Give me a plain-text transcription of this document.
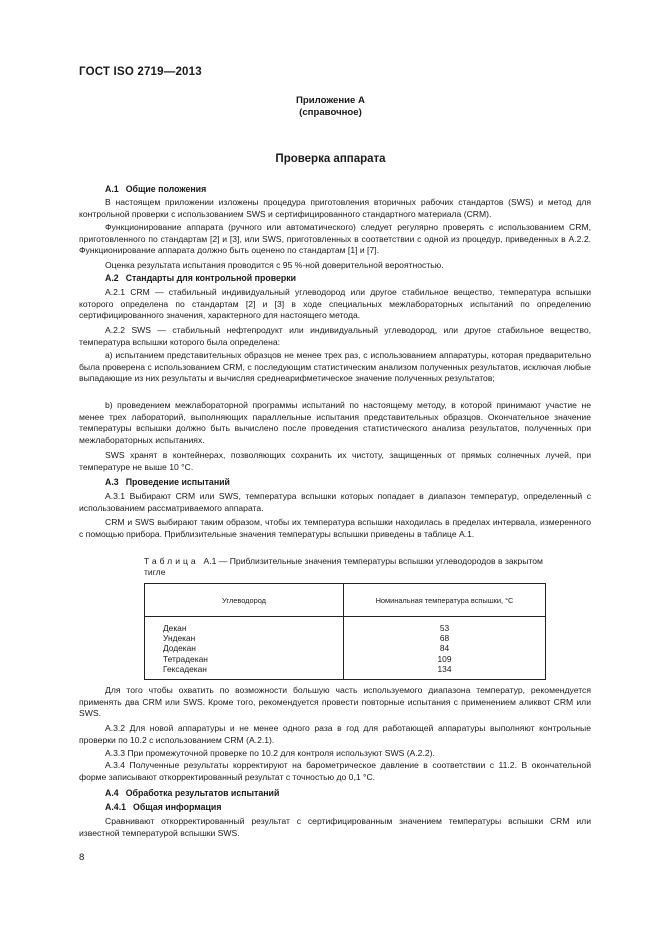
ГОСТ ISO 2719—2013
Приложение А
(справочное)
Проверка аппарата
А.1 Общие положения
В настоящем приложении изложены процедура приготовления вторичных рабочих стандартов (SWS) и метод для контрольной проверки с использованием SWS и сертифицированного стандартного материала (CRM).
Функционирование аппарата (ручного или автоматического) следует регулярно проверять с использованием CRM, приготовленного по стандартам [2] и [3], или SWS, приготовленных в соответствии с одной из процедур, приведенных в А.2.2. Функционирование аппарата должно быть оценено по стандартам [1] и [7].
Оценка результата испытания проводится с 95 %-ной доверительной вероятностью.
А.2 Стандарты для контрольной проверки
А.2.1 CRM — стабильный индивидуальный углеводород или другое стабильное вещество, температура вспышки которого определена по стандартам [2] и [3] в ходе специальных межлабораторных испытаний по определению сертифицированного значения, характерного для настоящего метода.
А.2.2 SWS — стабильный нефтепродукт или индивидуальный углеводород, или другое стабильное вещество, температура вспышки которого была определена:
a) испытанием представительных образцов не менее трех раз, с использованием аппаратуры, которая предварительно была проверена с использованием CRM, с последующим статистическим анализом полученных результатов, исключая любые выпадающие из них результаты и вычисляя среднеарифметическое значение полученных результатов;
b) проведением межлабораторной программы испытаний по настоящему методу, в которой принимают участие не менее трех лабораторий, выполняющих параллельные испытания представительных образцов. Окончательное значение температуры вспышки должно быть вычислено после проведения статистического анализа результатов, полученных при межлабораторных испытаниях.
SWS хранят в контейнерах, позволяющих сохранить их чистоту, защищенных от прямых солнечных лучей, при температуре не выше 10 °С.
А.3 Проведение испытаний
А.3.1 Выбирают CRM или SWS, температура вспышки которых попадает в диапазон температур, определенный с использованием рассматриваемого аппарата.
CRM и SWS выбирают таким образом, чтобы их температура вспышки находилась в пределах интервала, измеренного с помощью прибора. Приблизительные значения температуры вспышки приведены в таблице А.1.
Таблица А.1 — Приблизительные значения температуры вспышки углеводородов в закрытом тигле
Углеводород	Номинальная температура вспышки, °С
Декан	53
Ундекан	68
Додекан	84
Тетрадекан	109
Гексадекан	134
Для того чтобы охватить по возможности большую часть используемого диапазона температур, рекомендуется применять два CRM или SWS. Кроме того, рекомендуется провести повторные испытания с применением аликвот CRM или SWS.
А.3.2 Для новой аппаратуры и не менее одного раза в год для работающей аппаратуры выполняют контрольные проверки по 10.2 с использованием CRM (А.2.1).
А.3.3 При промежуточной проверке по 10.2 для контроля используют SWS (А.2.2).
А.3.4 Полученные результаты корректируют на барометрическое давление в соответствии с 11.2. В окончательной форме записывают откорректированный результат с точностью до 0,1 °С.
А.4 Обработка результатов испытаний
А.4.1 Общая информация
Сравнивают откорректированный результат с сертифицированным значением температуры вспышки CRM или известной температурой вспышки SWS.
8
